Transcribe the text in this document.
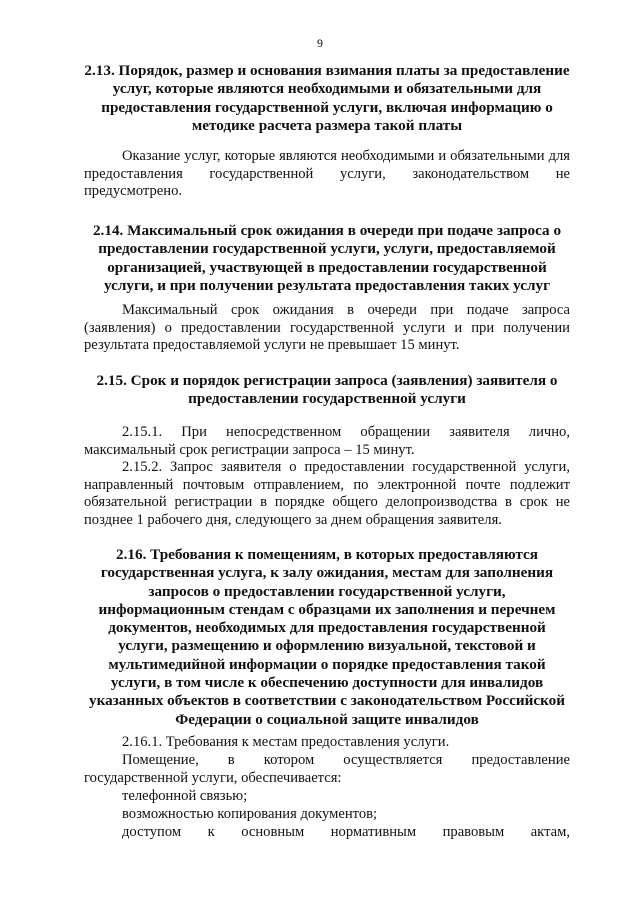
9
2.13. Порядок, размер и основания взимания платы за предоставление услуг, которые являются необходимыми и обязательными для предоставления государственной услуги, включая информацию о методике расчета размера такой платы
Оказание услуг, которые являются необходимыми и обязательными для предоставления государственной услуги, законодательством не предусмотрено.
2.14. Максимальный срок ожидания в очереди при подаче запроса о предоставлении государственной услуги, услуги, предоставляемой организацией, участвующей в предоставлении государственной услуги, и при получении результата предоставления таких услуг
Максимальный срок ожидания в очереди при подаче запроса (заявления) о предоставлении государственной услуги и при получении результата предоставляемой услуги не превышает 15 минут.
2.15. Срок и порядок регистрации запроса (заявления) заявителя о предоставлении государственной услуги
2.15.1. При непосредственном обращении заявителя лично, максимальный срок регистрации запроса – 15 минут.
2.15.2. Запрос заявителя о предоставлении государственной услуги, направленный почтовым отправлением, по электронной почте подлежит обязательной регистрации в порядке общего делопроизводства в срок не позднее 1 рабочего дня, следующего за днем обращения заявителя.
2.16. Требования к помещениям, в которых предоставляются государственная услуга, к залу ожидания, местам для заполнения запросов о предоставлении государственной услуги, информационным стендам с образцами их заполнения и перечнем документов, необходимых для предоставления государственной услуги, размещению и оформлению визуальной, текстовой и мультимедийной информации о порядке предоставления такой услуги, в том числе к обеспечению доступности для инвалидов указанных объектов в соответствии с законодательством Российской Федерации о социальной защите инвалидов
2.16.1. Требования к местам предоставления услуги.
Помещение, в котором осуществляется предоставление государственной услуги, обеспечивается:
телефонной связью;
возможностью копирования документов;
доступом к основным нормативным правовым актам,
